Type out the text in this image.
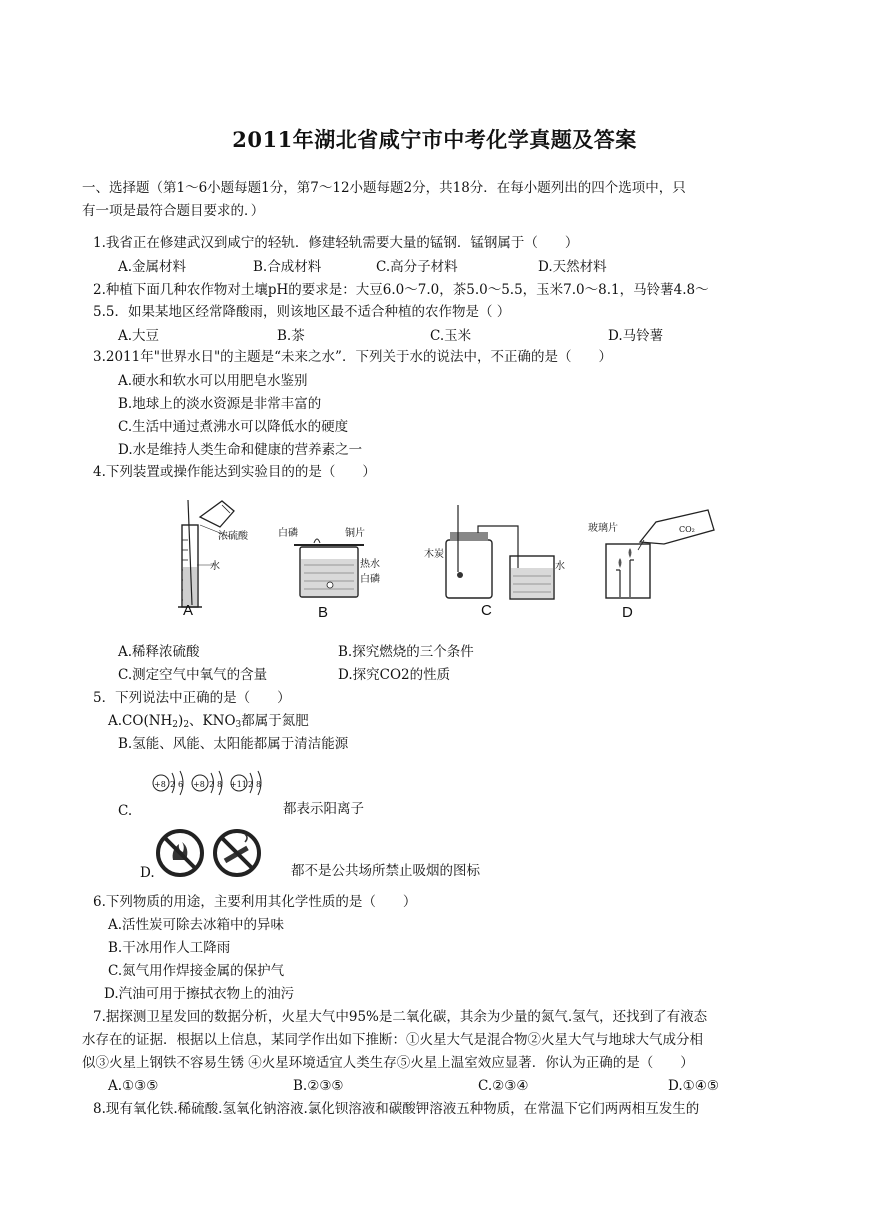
2011年湖北省咸宁市中考化学真题及答案
一、选择题（第1～6小题每题1分，第7～12小题每题2分，共18分．在每小题列出的四个选项中，只
有一项是最符合题目要求的．）
1.我省正在修建武汉到咸宁的轻轨．修建轻轨需要大量的锰钢．锰钢属于（　　）
A.金属材料	B.合成材料	C.高分子材料	D.天然材料
2.种植下面几种农作物对土壤pH的要求是：大豆6.0～7.0，茶5.0～5.5，玉米7.0～8.1，马铃薯4.8～
5.5．如果某地区经常降酸雨，则该地区最不适合种植的农作物是（ ）
A.大豆	B.茶	C.玉米	D.马铃薯
3.2011年"世界水日"的主题是“未来之水”．下列关于水的说法中，不正确的是（　　）
A.硬水和软水可以用肥皂水鉴别
B.地球上的淡水资源是非常丰富的
C.生活中通过煮沸水可以降低水的硬度
D.水是维持人类生命和健康的营养素之一
4.下列装置或操作能达到实验目的的是（　　）
浓硫酸
水
A
白磷	铜片
热水
白磷
B
木炭
水
C
玻璃片	CO₂
D
A.稀释浓硫酸	B.探究燃烧的三个条件
C.测定空气中氧气的含量	D.探究CO2的性质
5．下列说法中正确的是（　　）
$A.CO(NH_2)_2$、$KNO_3$都属于氮肥
B.氢能、风能、太阳能都属于清洁能源
C.
+8 2 6 +8 2 8 +11 2 8
都表示阳离子
D.	都不是公共场所禁止吸烟的图标
6.下列物质的用途，主要利用其化学性质的是（　　）
A.活性炭可除去冰箱中的异味
B.干冰用作人工降雨
C.氮气用作焊接金属的保护气
D.汽油可用于擦拭衣物上的油污
7.据探测卫星发回的数据分析，火星大气中95%是二氧化碳，其余为少量的氮气.氢气，还找到了有液态
水存在的证据．根据以上信息，某同学作出如下推断：①火星大气是混合物②火星大气与地球大气成分相
似③火星上钢铁不容易生锈 ④火星环境适宜人类生存⑤火星上温室效应显著．你认为正确的是（　　）
A.①③⑤	B.②③⑤	C.②③④	D.①④⑤
8.现有氧化铁.稀硫酸.氢氧化钠溶液.氯化钡溶液和碳酸钾溶液五种物质，在常温下它们两两相互发生的
